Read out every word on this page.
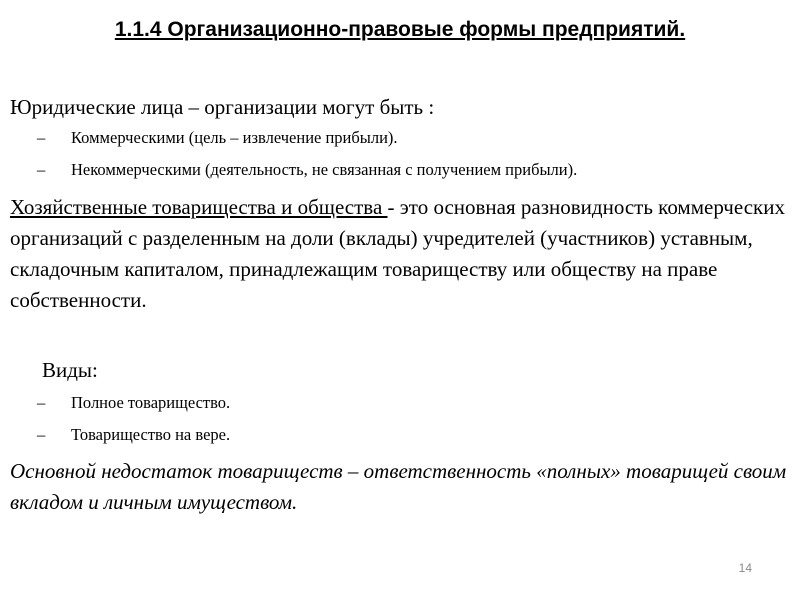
1.1.4 Организационно-правовые формы предприятий.
Юридические лица – организации могут быть :
– Коммерческими (цель – извлечение прибыли).
– Некоммерческими (деятельность, не связанная с получением прибыли).
Хозяйственные товарищества и общества - это основная разновидность коммерческих организаций с разделенным на доли (вклады) учредителей (участников) уставным, складочным капиталом, принадлежащим товариществу или обществу на праве собственности.
Виды:
– Полное товарищество.
– Товарищество на вере.
Основной недостаток товариществ – ответственность «полных» товарищей своим вкладом и личным имуществом.
14
